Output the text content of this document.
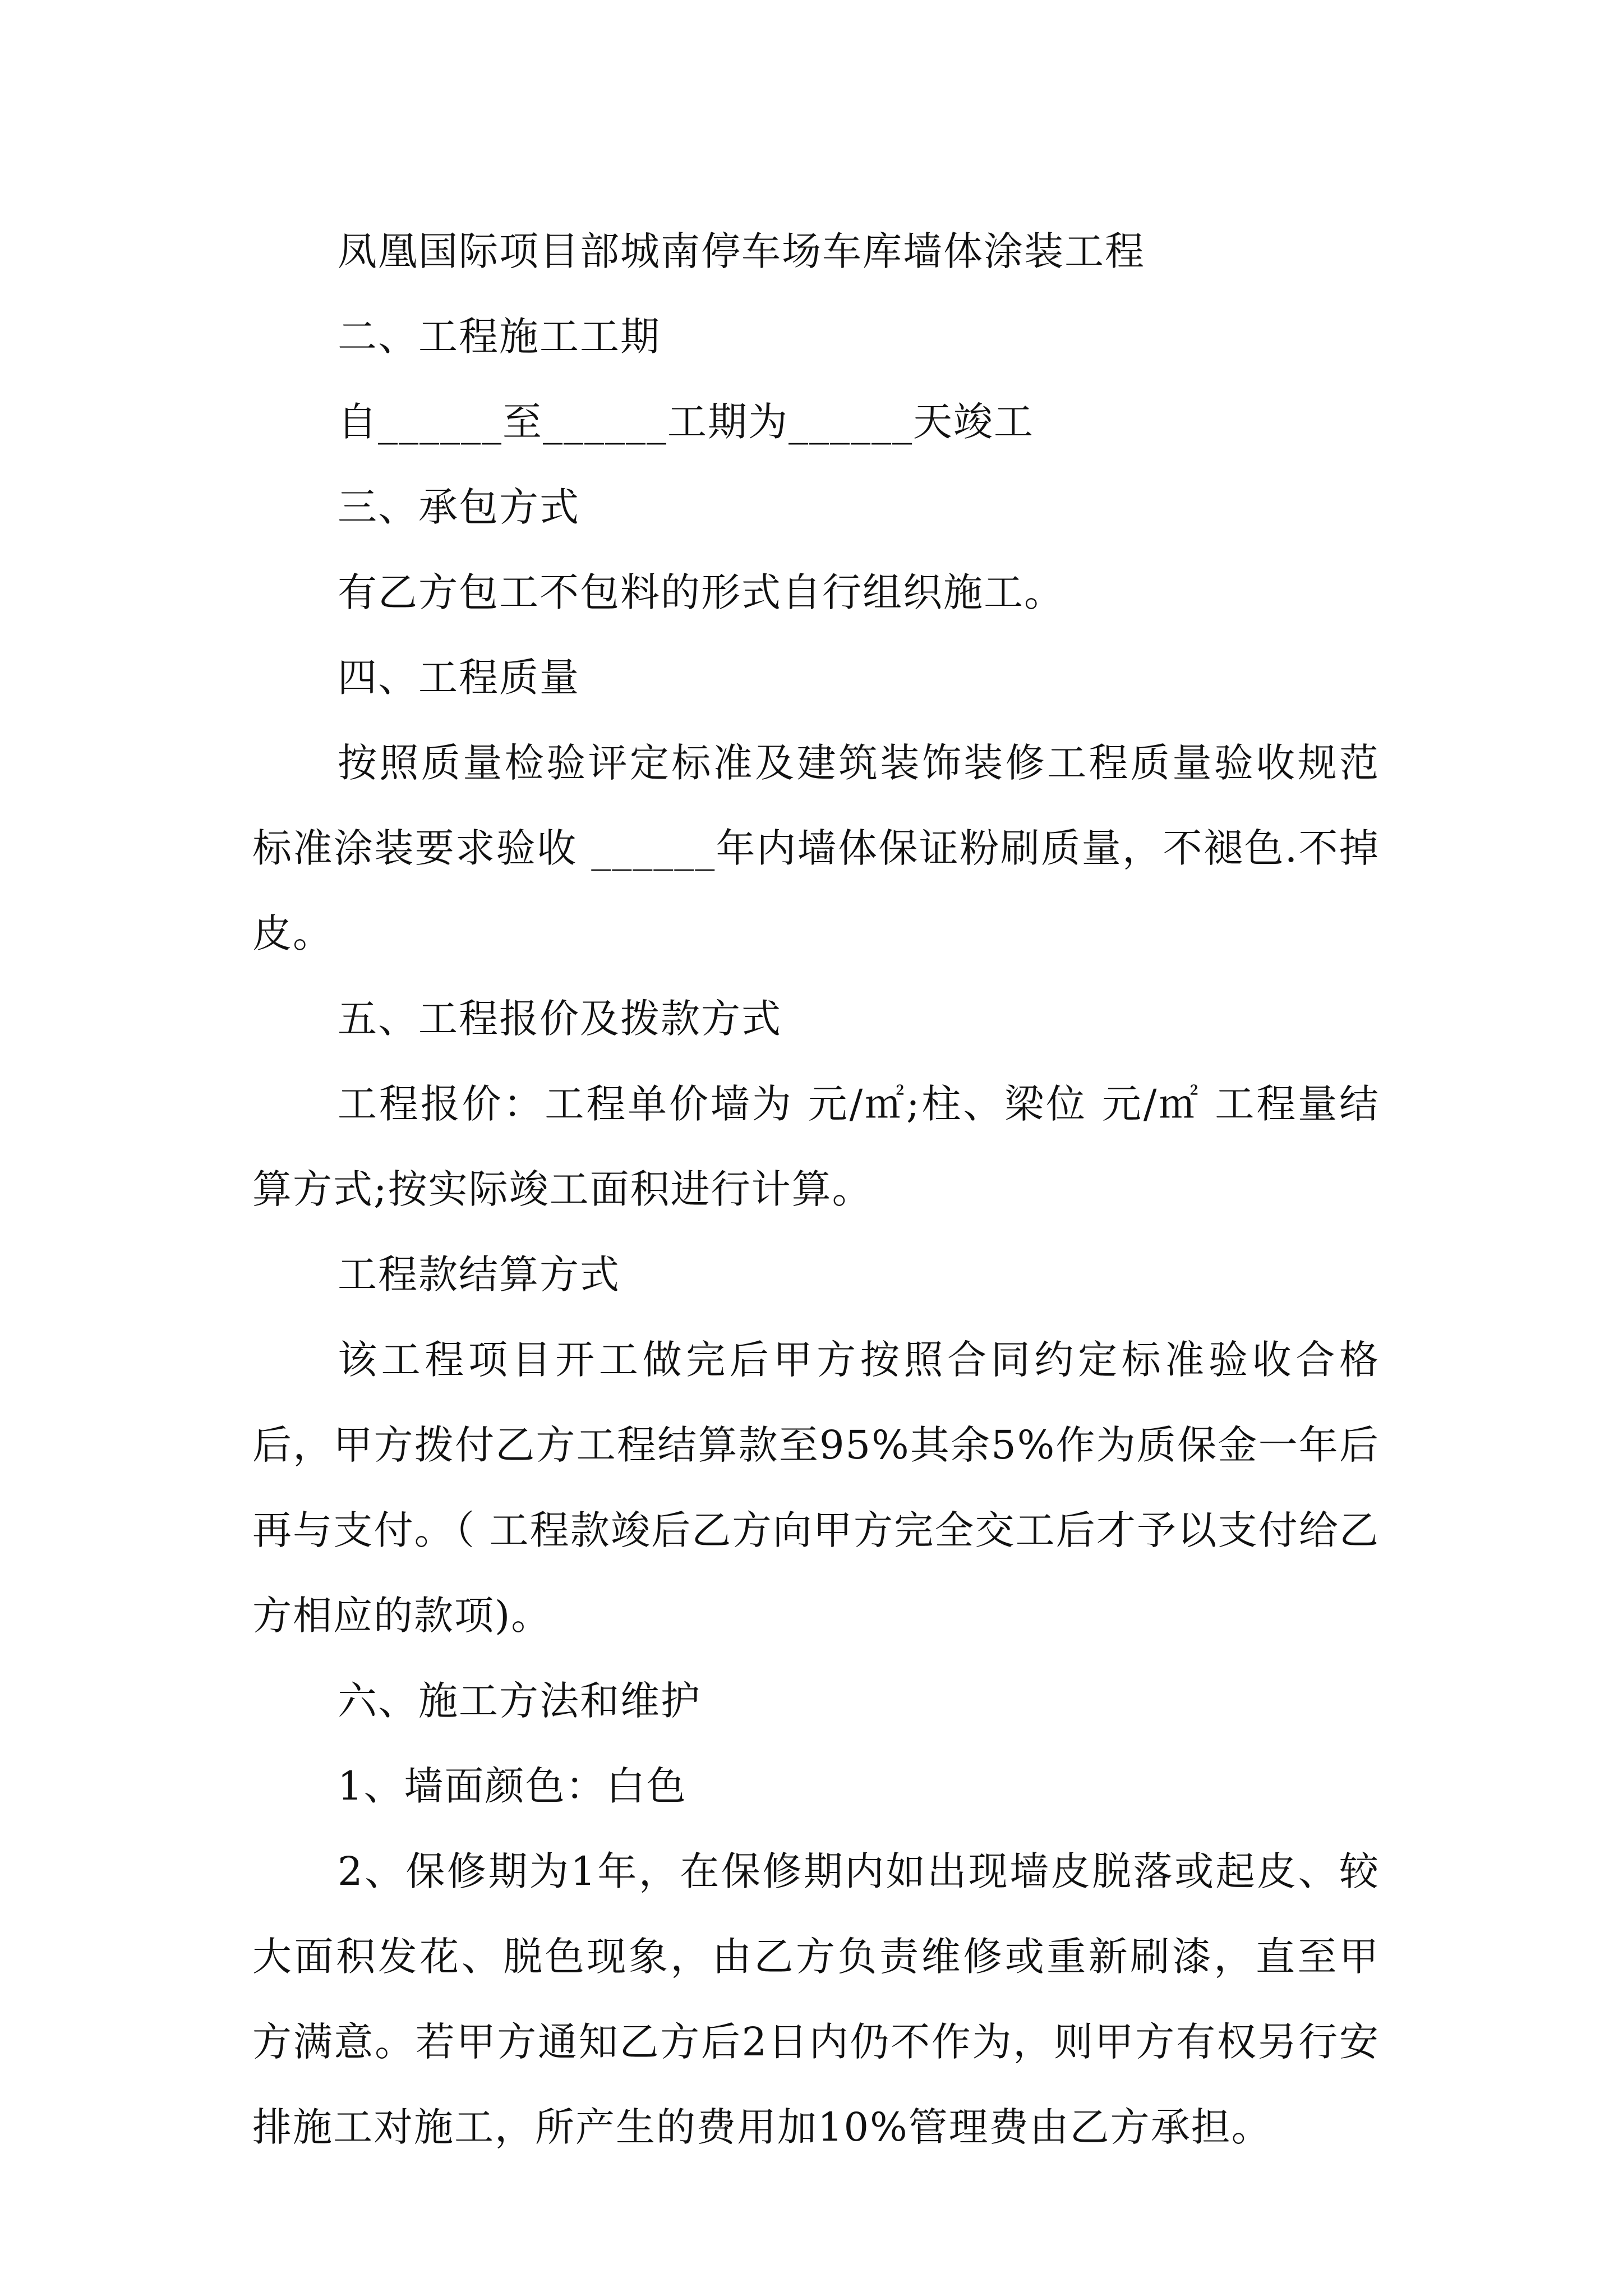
凤凰国际项目部城南停车场车库墙体涂装工程

二、工程施工工期

自______至______工期为______天竣工

三、承包方式

有乙方包工不包料的形式自行组织施工。

四、工程质量

按照质量检验评定标准及建筑装饰装修工程质量验收规范标准涂装要求验收 ______年内墙体保证粉刷质量，不褪色.不掉皮。

五、工程报价及拨款方式

工程报价：工程单价墙为 元/㎡;柱、梁位 元/㎡ 工程量结算方式;按实际竣工面积进行计算。

工程款结算方式

该工程项目开工做完后甲方按照合同约定标准验收合格后，甲方拨付乙方工程结算款至95%其余5%作为质保金一年后再与支付。（ 工程款竣后乙方向甲方完全交工后才予以支付给乙方相应的款项)。

六、施工方法和维护

1、墙面颜色：白色

2、保修期为1年，在保修期内如出现墙皮脱落或起皮、较大面积发花、脱色现象，由乙方负责维修或重新刷漆，直至甲方满意。若甲方通知乙方后2日内仍不作为，则甲方有权另行安排施工对施工，所产生的费用加10%管理费由乙方承担。
